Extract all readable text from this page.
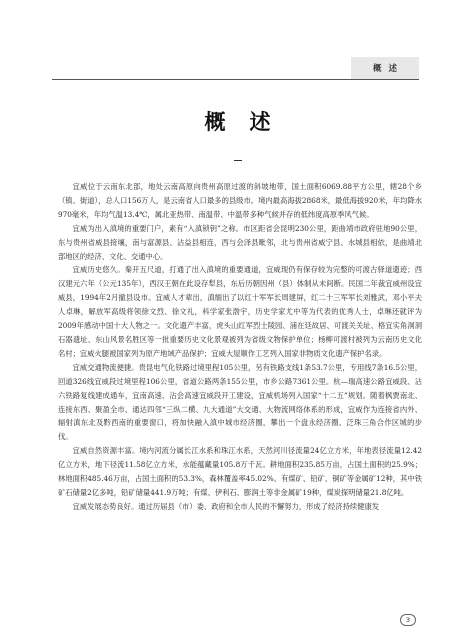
概述
概述

宜威位于云南东北部，地处云南高原向贵州高原过渡的斜坡地带，国土面积6069.88平方公里，辖28个乡（镇、街道），总人口156万人，是云南省人口最多的县级市。境内最高海拔2868米，最低海拔920米，年均降水970毫米，年均气温13.4℃，属北亚热带、南温带、中温带多种气候并存的低纬度高原季风气候。

宜威为出入滇境的重要门户，素有“入滇锁钥”之称。市区距省会昆明230公里，距曲靖市政府驻地90公里，东与贵州省威县接壤，南与富源县、沾益县相连，西与会泽县毗邻，北与贵州省威宁县、水城县相依，是曲靖北部地区的经济、文化、交通中心。

宜威历史悠久。秦开五尺道，打通了出入滇境的重要通道，宜威现仍有保存较为完整的可渡古驿道遗迹；西汉建元六年（公元135年），西汉王朝在此设存犁县，东后历朝因州（县）体制从未间断。民国二年裁宜威州设宜威县，1994年2月撤县设市。宜威人才辈出，滇缅出了以红十军军长周建屏，红二十三军军长刘雅武，邓小平夫人卓琳，解放军高级将领徐文烈、徐文礼，科学家张渤宇，历史学家尤中等为代表的优秀人士，卓琳还就评为2009年感动中国十大人物之一。文化遗产丰富，虎头山红军烈士陵园、浦在廷故居、可渡关关址、格宜实角洞洞石器遗址、东山风景名胜区等一批重要历史文化景观被列为省级文物保护单位；杨柳可渡村被列为云南历史文化名村；宜威火腿被国家列为原产地域产品保护；宜威大屋顺作工艺列入国家非物质文化遗产保护名录。

宜威交通物流便捷。贵昆电气化铁路过境里程105公里，另有铁路支线1条53.7公里，专用线7条16.5公里，回道326线宜威段过境里程106公里，省道公路两条155公里，市乡公路7361公里。杭—瑞高速公路宜威段、沾六铁路复线建成通车，宜南高速、沾会高速宜威段开工建设，宜威机场列入国家“十二五”规划。随着枫贾南北、连接东西、聚盈全市、通达四邻“三纵二横、九大通道”大交通、大物流网络体系的形成，宜威作为连接省内外、辐射滇东北及黔西南的重要窗口，将加快融入滇中城市经济圈，攀出一个盘永经济圈、泛珠三角合作区城的步伐。

宜威自然资源丰富。境内河流分属长江水系和珠江水系，天然河川径流量24亿立方米，年地表径流量12.42亿立方米，地下径流11.58亿立方米，水能蕴藏量105.8万千瓦。耕地面积235.85万亩，占国土面积的25.9%；林地面积485.46万亩，占国土面积的53.3%，森林覆盖率45.02%。有煤矿、铅矿、铜矿等金属矿12种，其中铁矿石储量2亿多吨，铅矿储量441.9万吨；有煤、伊利石、膨润土等非金属矿19种，煤炭探明储量21.8亿吨。

宜威发展态势良好。通过历届县（市）委、政府和全市人民的不懈努力，形成了经济持续健康发

3
